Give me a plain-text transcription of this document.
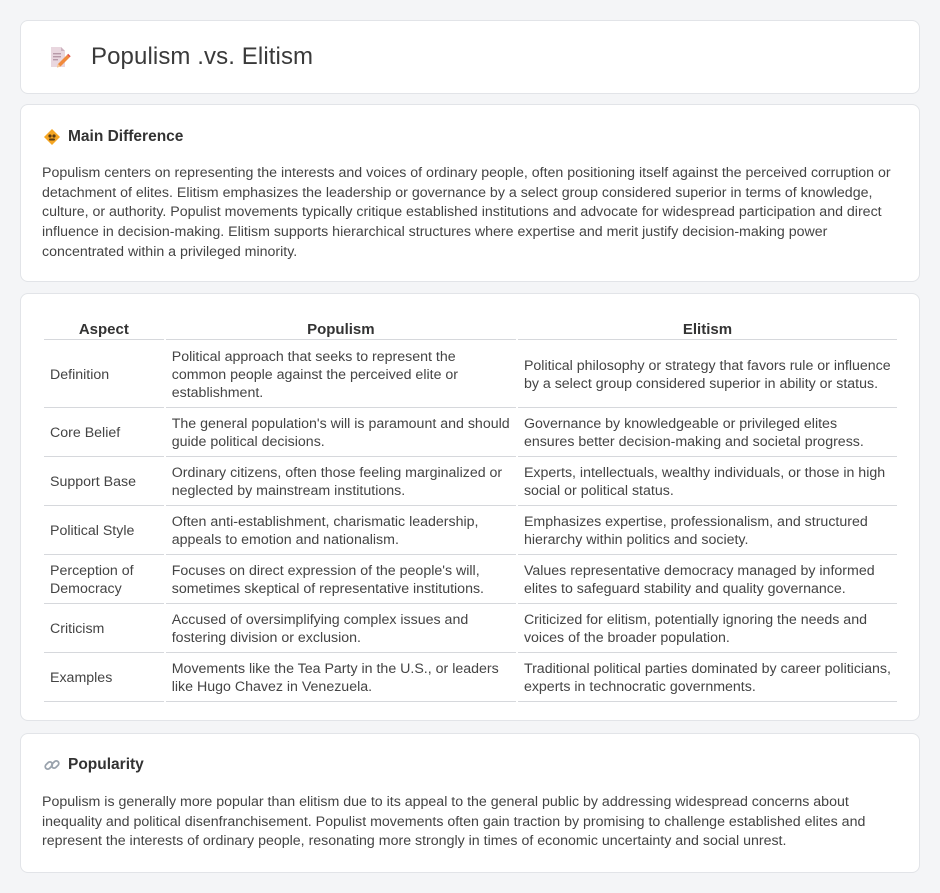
Populism .vs. Elitism
Main Difference

Populism centers on representing the interests and voices of ordinary people, often positioning itself against the perceived corruption or detachment of elites. Elitism emphasizes the leadership or governance by a select group considered superior in terms of knowledge, culture, or authority. Populist movements typically critique established institutions and advocate for widespread participation and direct influence in decision-making. Elitism supports hierarchical structures where expertise and merit justify decision-making power concentrated within a privileged minority.

Aspect	Populism	Elitism
Definition	Political approach that seeks to represent the common people against the perceived elite or establishment.	Political philosophy or strategy that favors rule or influence by a select group considered superior in ability or status.
Core Belief	The general population's will is paramount and should guide political decisions.	Governance by knowledgeable or privileged elites ensures better decision-making and societal progress.
Support Base	Ordinary citizens, often those feeling marginalized or neglected by mainstream institutions.	Experts, intellectuals, wealthy individuals, or those in high social or political status.
Political Style	Often anti-establishment, charismatic leadership, appeals to emotion and nationalism.	Emphasizes expertise, professionalism, and structured hierarchy within politics and society.
Perception of Democracy	Focuses on direct expression of the people's will, sometimes skeptical of representative institutions.	Values representative democracy managed by informed elites to safeguard stability and quality governance.
Criticism	Accused of oversimplifying complex issues and fostering division or exclusion.	Criticized for elitism, potentially ignoring the needs and voices of the broader population.
Examples	Movements like the Tea Party in the U.S., or leaders like Hugo Chavez in Venezuela.	Traditional political parties dominated by career politicians, experts in technocratic governments.
Popularity

Populism is generally more popular than elitism due to its appeal to the general public by addressing widespread concerns about inequality and political disenfranchisement. Populist movements often gain traction by promising to challenge established elites and represent the interests of ordinary people, resonating more strongly in times of economic uncertainty and social unrest.
